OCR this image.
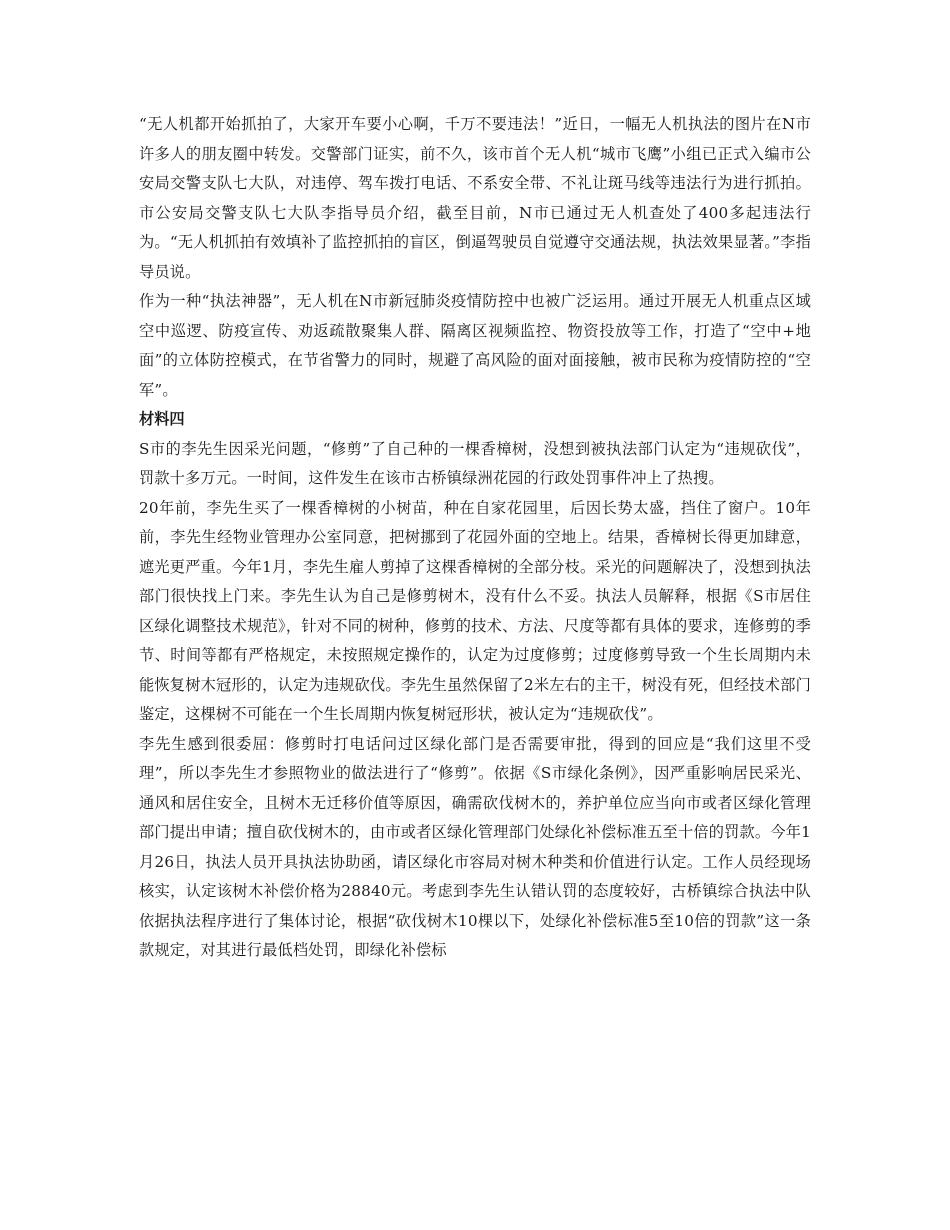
“无人机都开始抓拍了，大家开车要小心啊，千万不要违法！”近日，一幅无人机执法的图片在N市许多人的朋友圈中转发。交警部门证实，前不久，该市首个无人机“城市飞鹰”小组已正式入编市公安局交警支队七大队，对违停、驾车拨打电话、不系安全带、不礼让斑马线等违法行为进行抓拍。市公安局交警支队七大队李指导员介绍，截至目前，N市已通过无人机查处了400多起违法行为。“无人机抓拍有效填补了监控抓拍的盲区，倒逼驾驶员自觉遵守交通法规，执法效果显著。”李指导员说。

作为一种“执法神器”，无人机在N市新冠肺炎疫情防控中也被广泛运用。通过开展无人机重点区域空中巡逻、防疫宣传、劝返疏散聚集人群、隔离区视频监控、物资投放等工作，打造了“空中+地面”的立体防控模式，在节省警力的同时，规避了高风险的面对面接触，被市民称为疫情防控的“空军”。

材料四

S市的李先生因采光问题，“修剪”了自己种的一棵香樟树，没想到被执法部门认定为“违规砍伐”，罚款十多万元。一时间，这件发生在该市古桥镇绿洲花园的行政处罚事件冲上了热搜。

20年前，李先生买了一棵香樟树的小树苗，种在自家花园里，后因长势太盛，挡住了窗户。10年前，李先生经物业管理办公室同意，把树挪到了花园外面的空地上。结果，香樟树长得更加肆意，遮光更严重。今年1月，李先生雇人剪掉了这棵香樟树的全部分枝。采光的问题解决了，没想到执法部门很快找上门来。李先生认为自己是修剪树木，没有什么不妥。执法人员解释，根据《S市居住区绿化调整技术规范》，针对不同的树种，修剪的技术、方法、尺度等都有具体的要求，连修剪的季节、时间等都有严格规定，未按照规定操作的，认定为过度修剪；过度修剪导致一个生长周期内未能恢复树木冠形的，认定为违规砍伐。李先生虽然保留了2米左右的主干，树没有死，但经技术部门鉴定，这棵树不可能在一个生长周期内恢复树冠形状，被认定为“违规砍伐”。

李先生感到很委屈：修剪时打电话问过区绿化部门是否需要审批，得到的回应是“我们这里不受理”，所以李先生才参照物业的做法进行了“修剪”。依据《S市绿化条例》，因严重影响居民采光、通风和居住安全，且树木无迁移价值等原因，确需砍伐树木的，养护单位应当向市或者区绿化管理部门提出申请；擅自砍伐树木的，由市或者区绿化管理部门处绿化补偿标准五至十倍的罚款。今年1月26日，执法人员开具执法协助函，请区绿化市容局对树木种类和价值进行认定。工作人员经现场核实，认定该树木补偿价格为28840元。考虑到李先生认错认罚的态度较好，古桥镇综合执法中队依据执法程序进行了集体讨论，根据“砍伐树木10棵以下，处绿化补偿标准5至10倍的罚款”这一条款规定，对其进行最低档处罚，即绿化补偿标
